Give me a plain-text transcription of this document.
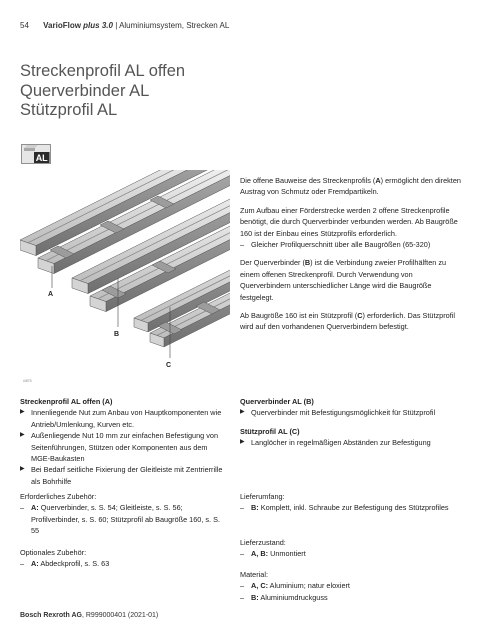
54 VarioFlow plus 3.0 | Aluminiumsystem, Strecken AL
Streckenprofil AL offen
Querverbinder AL
Stützprofil AL
AL
A
B
C
i4875

Die offene Bauweise des Streckenprofils (A) ermöglicht den direkten Austrag von Schmutz oder Fremdpartikeln.

Zum Aufbau einer Förderstrecke werden 2 offene Streckenprofile benötigt, die durch Querverbinder verbunden werden. Ab Baugröße 160 ist der Einbau eines Stützprofils erforderlich.

– Gleicher Profilquerschnitt über alle Baugrößen (65-320)

Der Querverbinder (B) ist die Verbindung zweier Profilhälften zu einem offenen Streckenprofil. Durch Verwendung von Querverbindern unterschiedlicher Länge wird die Baugröße festgelegt.

Ab Baugröße 160 ist ein Stützprofil (C) erforderlich. Das Stützprofil wird auf den vorhandenen Querverbindern befestigt.

Streckenprofil AL offen (A)
▶ Innenliegende Nut zum Anbau von Hauptkomponenten wie Antrieb/Umlenkung, Kurven etc.
▶ Außenliegende Nut 10 mm zur einfachen Befestigung von Seitenführungen, Stützen oder Komponenten aus dem MGE-Baukasten
▶ Bei Bedarf seitliche Fixierung der Gleitleiste mit Zentrierrille als Bohrhilfe
Querverbinder AL (B)
▶ Querverbinder mit Befestigungsmöglichkeit für Stützprofil
Stützprofil AL (C)
▶ Langlöcher in regelmäßigen Abständen zur Befestigung
Erforderliches Zubehör:
– A: Querverbinder, s. S. 54; Gleitleiste, s. S. 56; Profilverbinder, s. S. 60; Stützprofil ab Baugröße 160, s. S. 55
Optionales Zubehör:
– A: Abdeckprofil, s. S. 63
Lieferumfang:
– B: Komplett, inkl. Schraube zur Befestigung des Stützprofiles
Lieferzustand:
– A, B: Unmontiert
Material:
– A, C: Aluminium; natur eloxiert
– B: Aluminiumdruckguss
Bosch Rexroth AG, R999000401 (2021-01)
